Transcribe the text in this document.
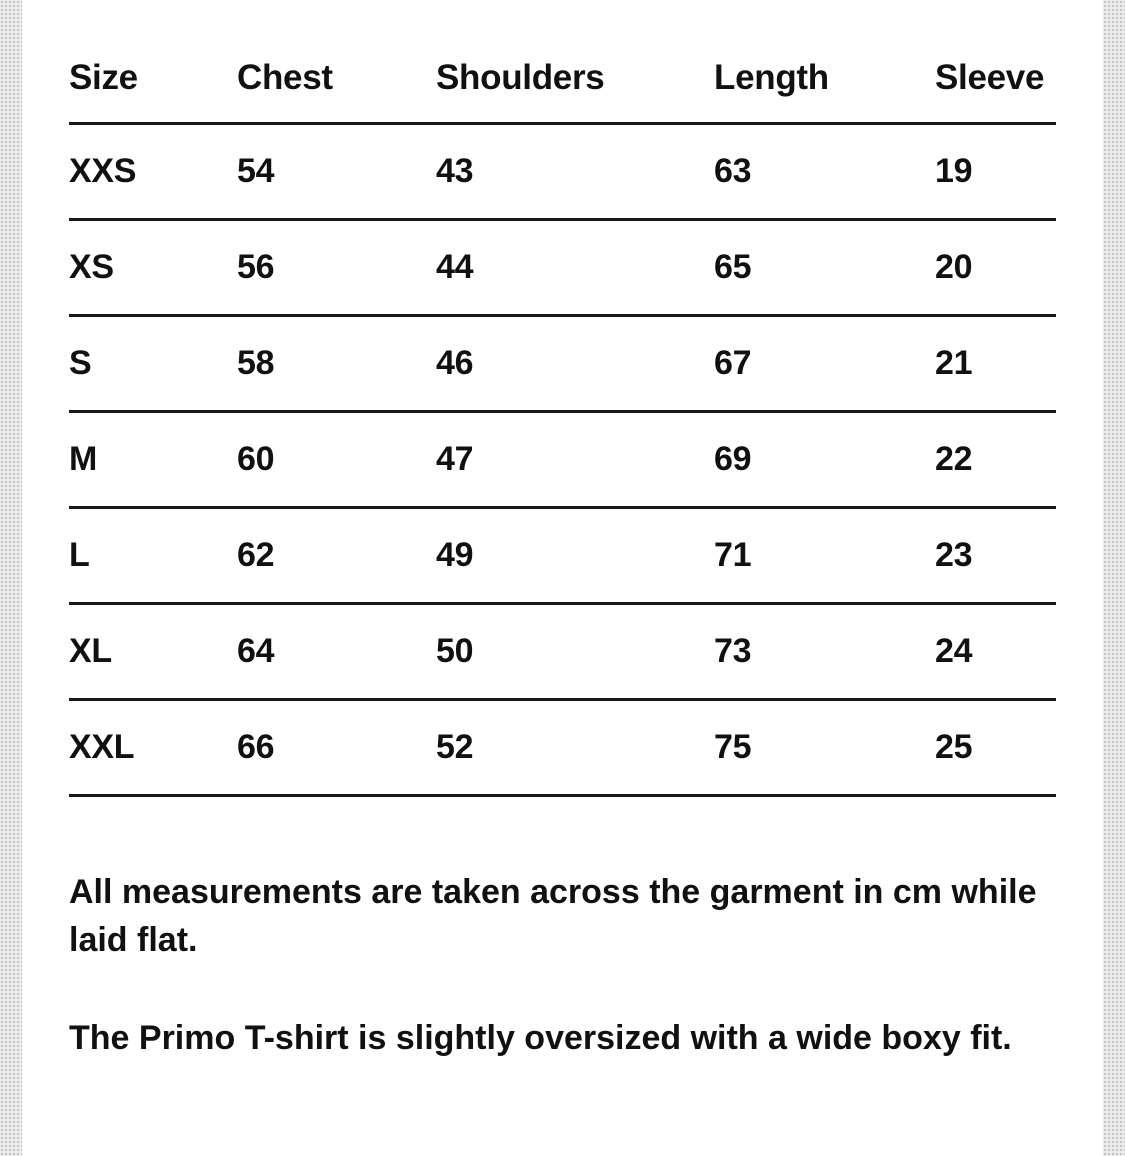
Size	Chest	Shoulders	Length	Sleeve
XXS	54	43	63	19
XS	56	44	65	20
S	58	46	67	21
M	60	47	69	22
L	62	49	71	23
XL	64	50	73	24
XXL	66	52	75	25

All measurements are taken across the garment in cm while laid flat.

The Primo T-shirt is slightly oversized with a wide boxy fit.
